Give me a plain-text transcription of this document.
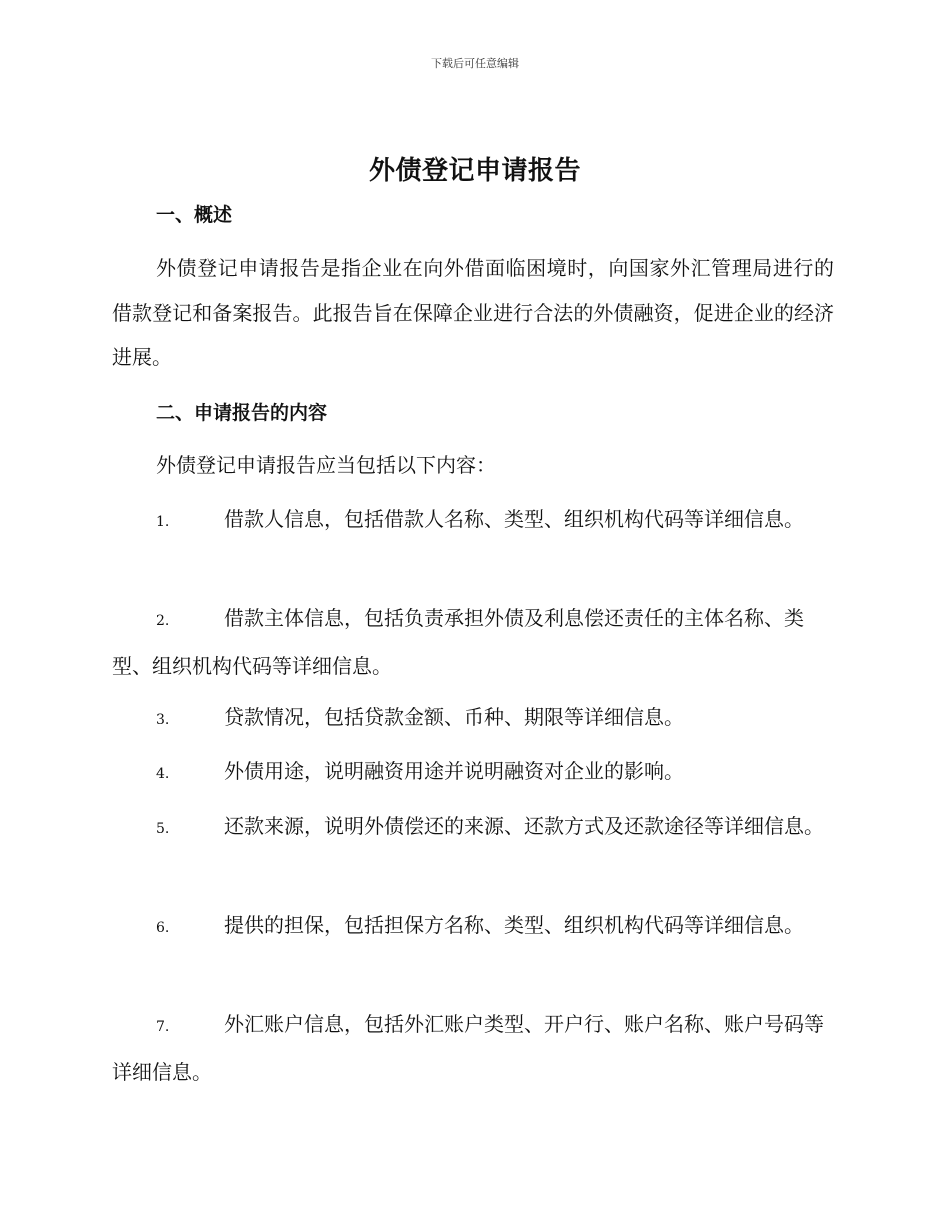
下载后可任意编辑
外债登记申请报告
一、概述
外债登记申请报告是指企业在向外借面临困境时，向国家外汇管理局进行的借款登记和备案报告。此报告旨在保障企业进行合法的外债融资，促进企业的经济进展。
二、申请报告的内容
外债登记申请报告应当包括以下内容：
1.	借款人信息，包括借款人名称、类型、组织机构代码等详细信息。
2.	借款主体信息，包括负责承担外债及利息偿还责任的主体名称、类型、组织机构代码等详细信息。
3.	贷款情况，包括贷款金额、币种、期限等详细信息。
4.	外债用途，说明融资用途并说明融资对企业的影响。
5.	还款来源，说明外债偿还的来源、还款方式及还款途径等详细信息。
6.	提供的担保，包括担保方名称、类型、组织机构代码等详细信息。
7.	外汇账户信息，包括外汇账户类型、开户行、账户名称、账户号码等详细信息。
